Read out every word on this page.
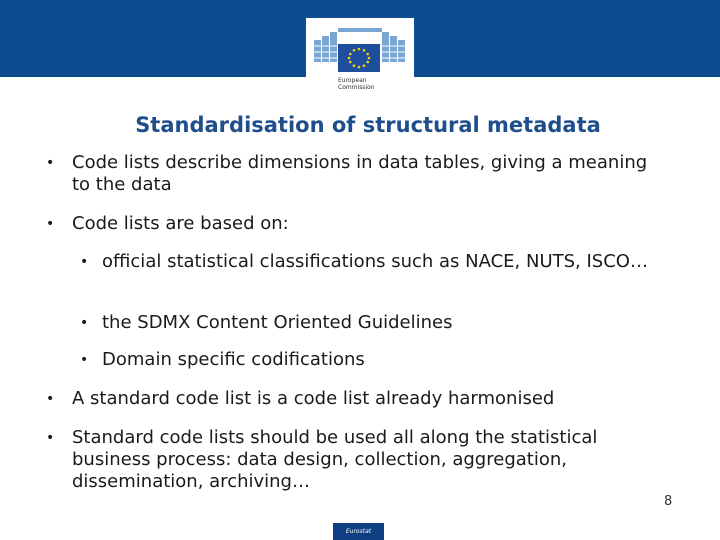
European Commission
Standardisation of structural metadata
• Code lists describe dimensions in data tables, giving a meaning to the data
• Code lists are based on:
• official statistical classifications such as NACE, NUTS, ISCO…
• the SDMX Content Oriented Guidelines
• Domain specific codifications
• A standard code list is a code list already harmonised
• Standard code lists should be used all along the statistical business process: data design, collection, aggregation, dissemination, archiving…
8
Eurostat
